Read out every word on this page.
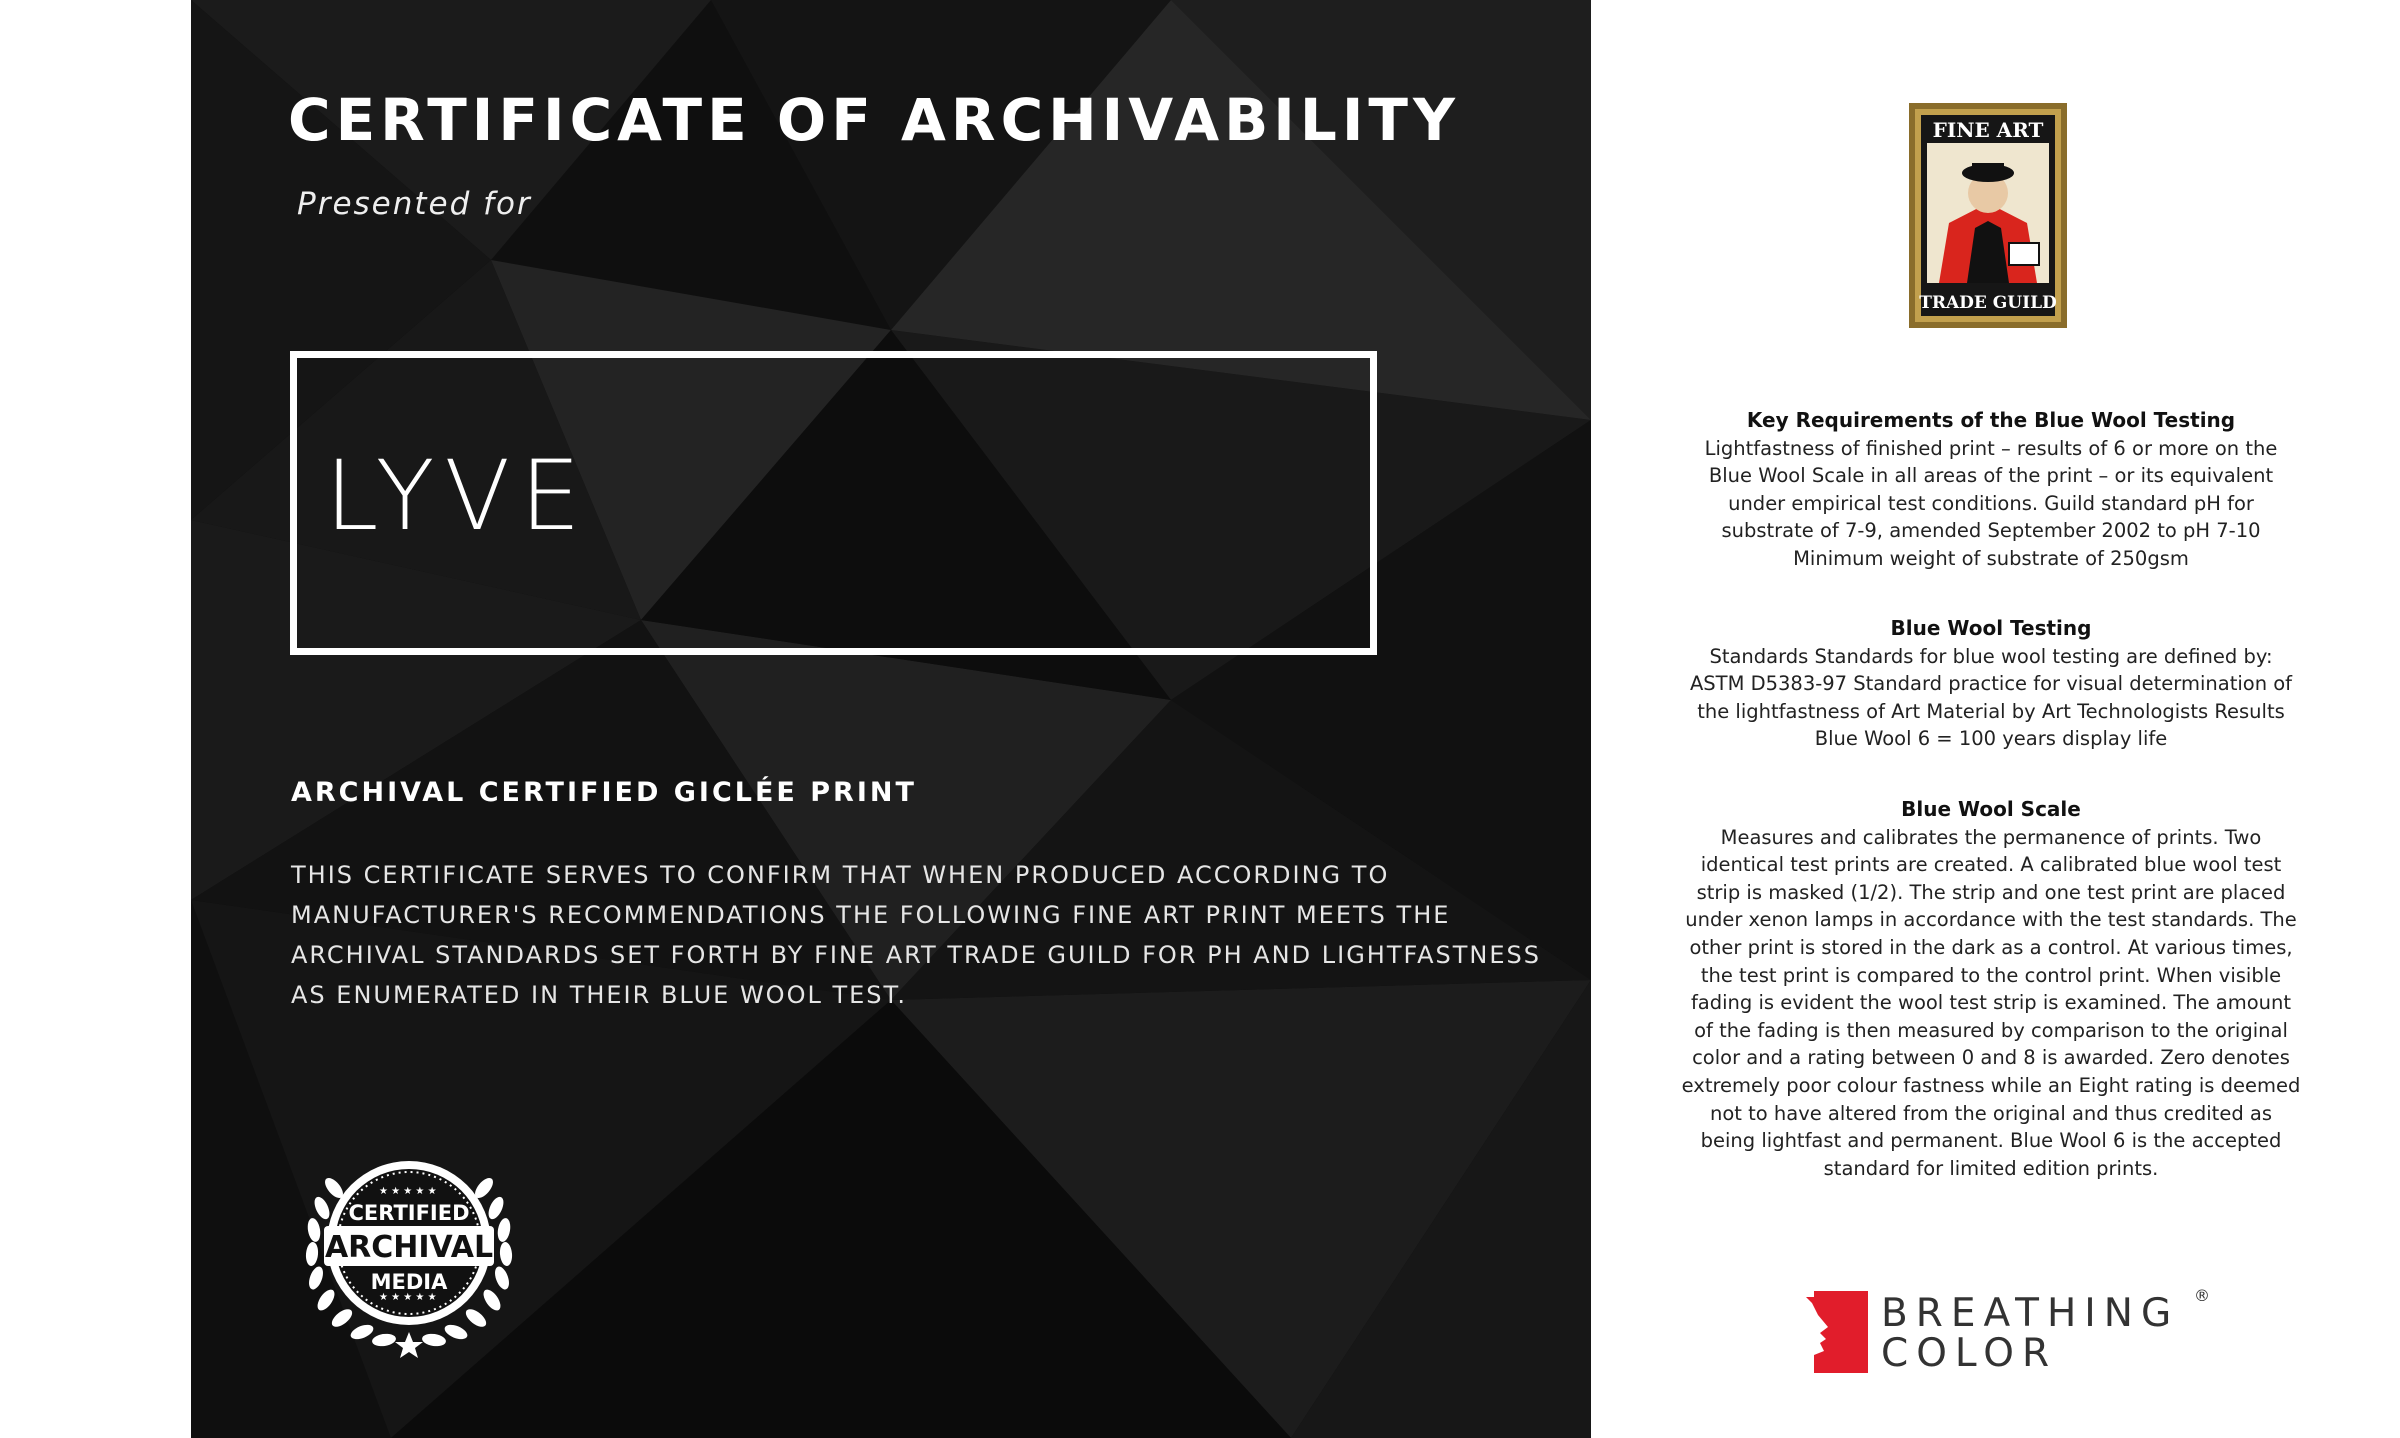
CERTIFICATE OF ARCHIVABILITY
Presented for
LYVE
ARCHIVAL CERTIFIED GICLÉE PRINT

THIS CERTIFICATE SERVES TO CONFIRM THAT WHEN PRODUCED ACCORDING TO MANUFACTURER'S RECOMMENDATIONS THE FOLLOWING FINE ART PRINT MEETS THE ARCHIVAL STANDARDS SET FORTH BY FINE ART TRADE GUILD FOR PH AND LIGHTFASTNESS AS ENUMERATED IN THEIR BLUE WOOL TEST.

★ ★ ★ ★ ★
★ ★ ★ ★ ★
CERTIFIED
ARCHIVAL
MEDIA
FINE ART
TRADE GUILD
Key Requirements of the Blue Wool Testing

Lightfastness of finished print – results of 6 or more on the Blue Wool Scale in all areas of the print – or its equivalent under empirical test conditions. Guild standard pH for substrate of 7-9, amended September 2002 to pH 7-10 Minimum weight of substrate of 250gsm

Blue Wool Testing

Standards Standards for blue wool testing are defined by: ASTM D5383-97 Standard practice for visual determination of the lightfastness of Art Material by Art Technologists Results Blue Wool 6 = 100 years display life

Blue Wool Scale

Measures and calibrates the permanence of prints. Two identical test prints are created. A calibrated blue wool test strip is masked (1/2). The strip and one test print are placed under xenon lamps in accordance with the test standards. The other print is stored in the dark as a control. At various times, the test print is compared to the control print. When visible fading is evident the wool test strip is examined. The amount of the fading is then measured by comparison to the original color and a rating between 0 and 8 is awarded. Zero denotes extremely poor colour fastness while an Eight rating is deemed not to have altered from the original and thus credited as being lightfast and permanent. Blue Wool 6 is the accepted standard for limited edition prints.

BREATHING
COLOR
®
